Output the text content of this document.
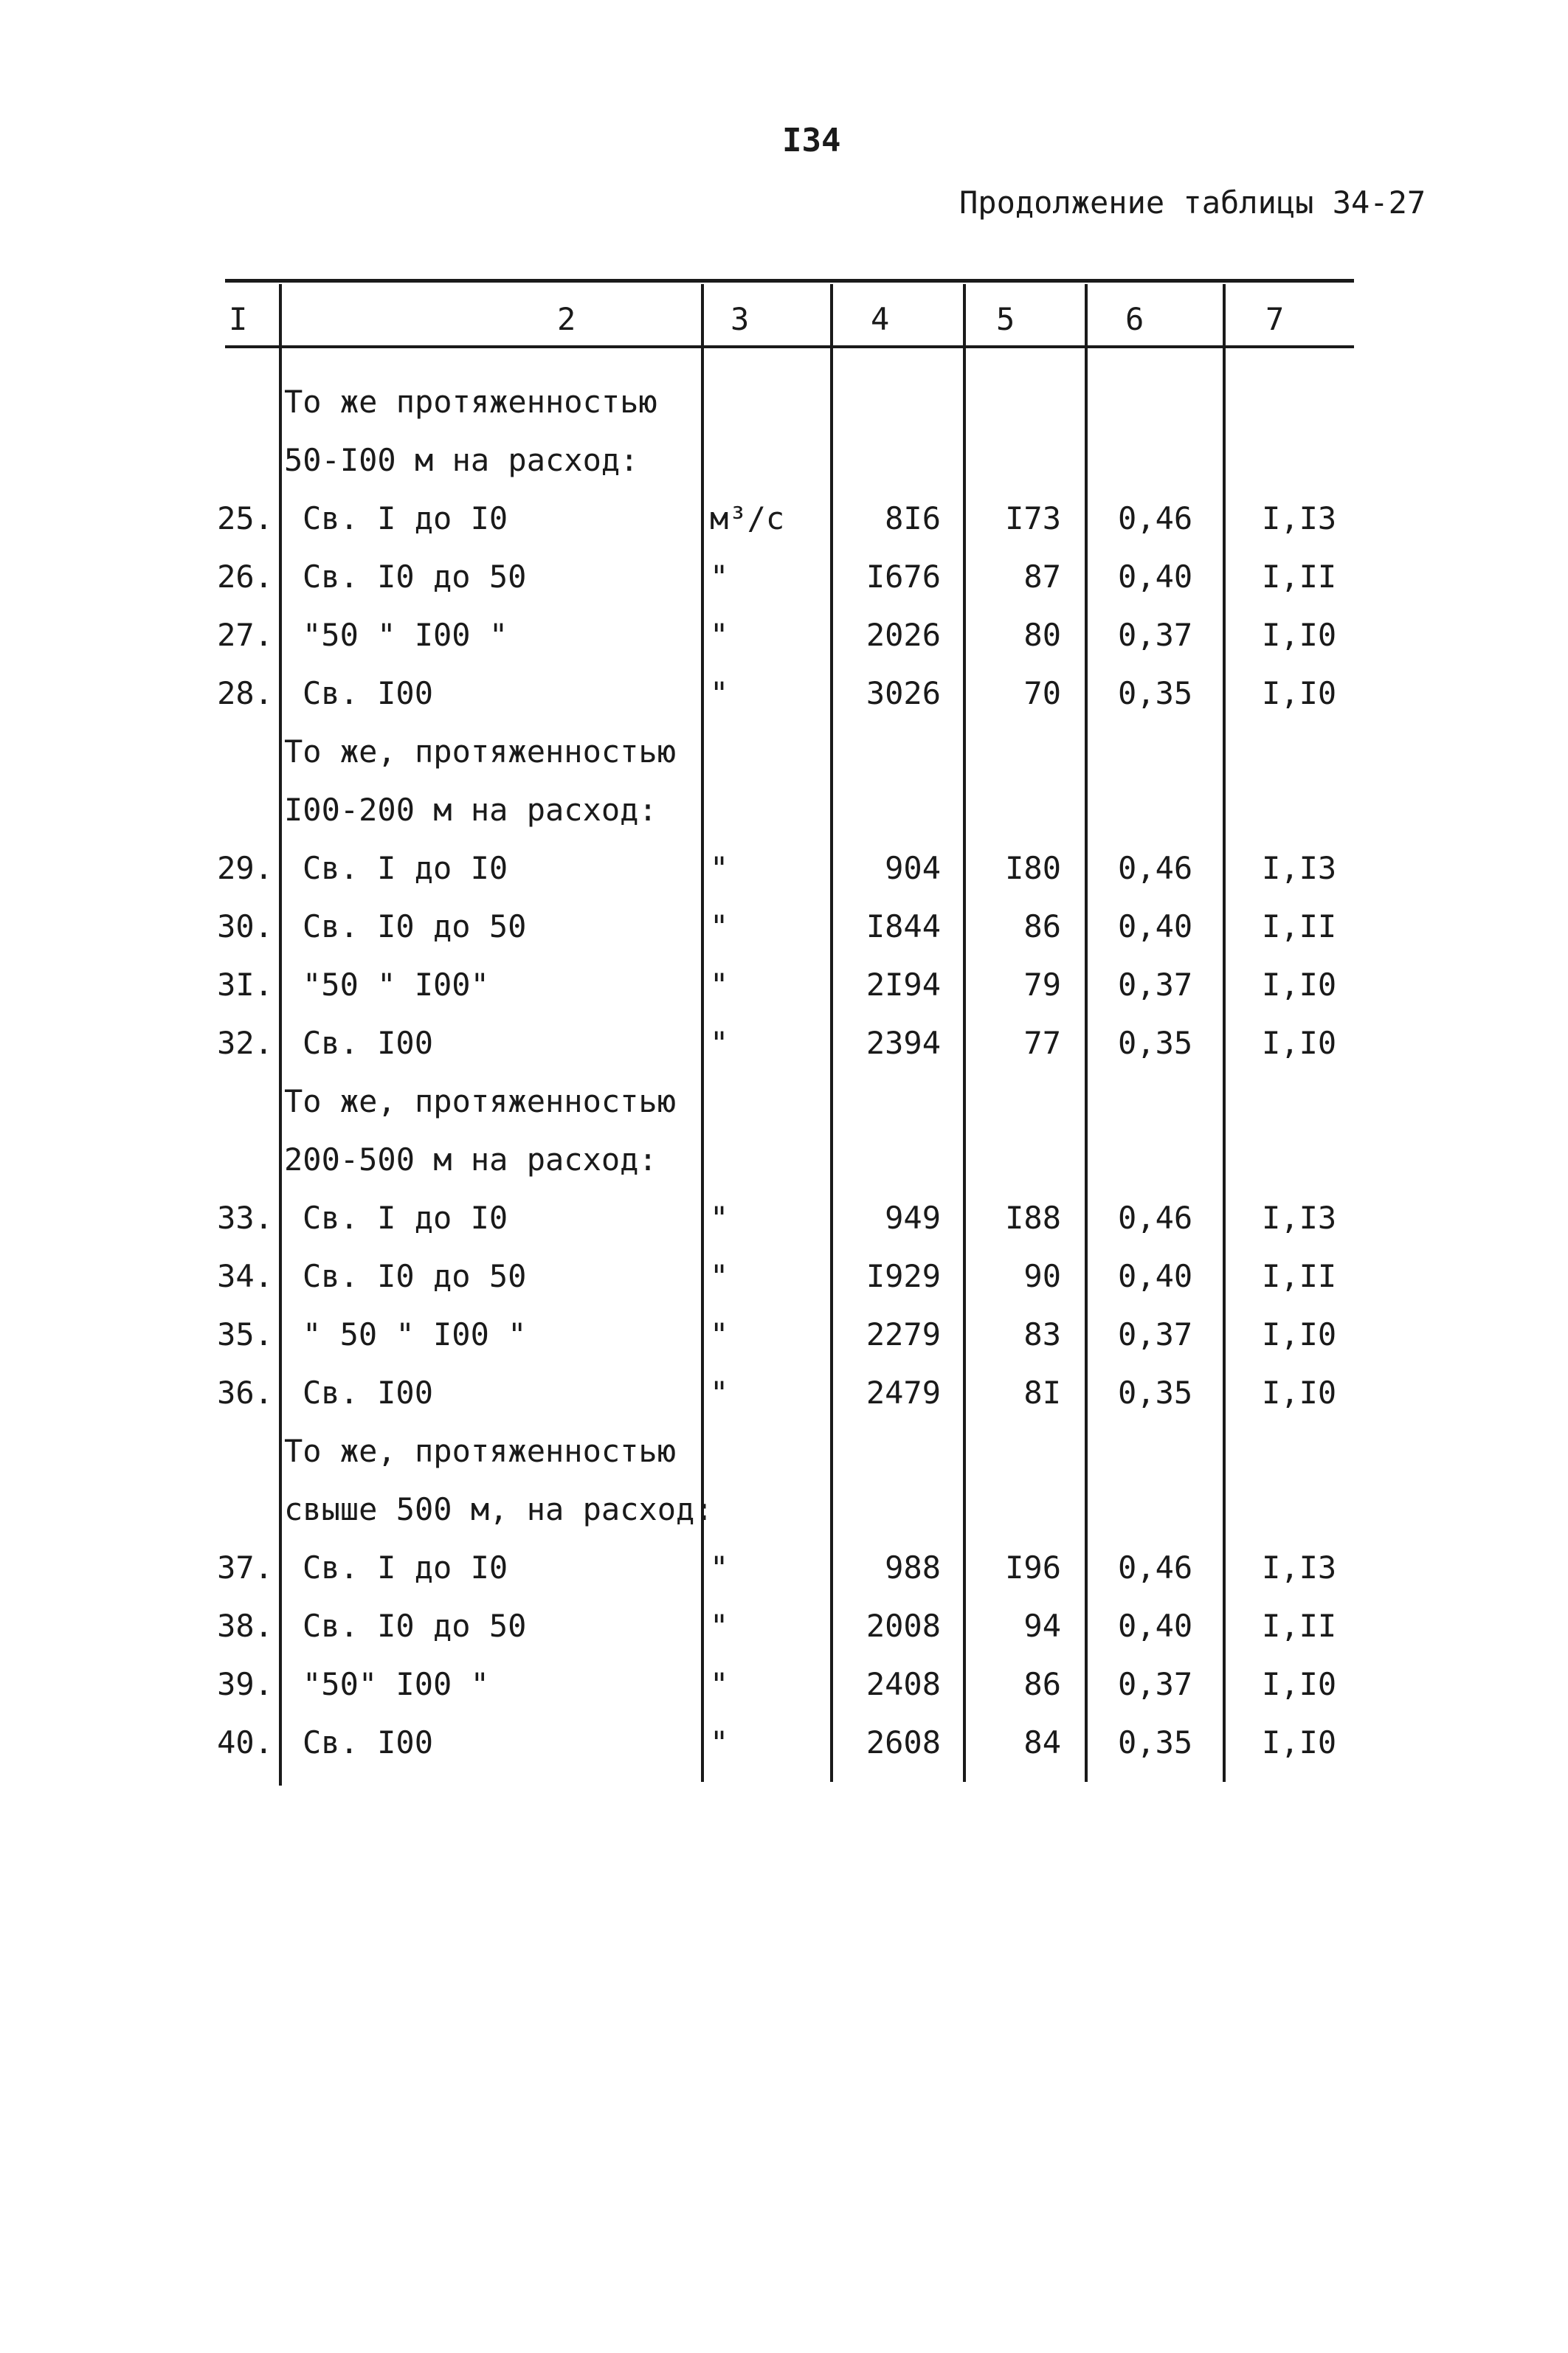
I34
Продолжение таблицы 34-27
I	2	3	4	5	6	7
То же протяженностью
50-I00 м на расход:
25. Св. I до I0	м³/с	8I6	I73 0,46 I,I3
26. Св. I0 до 50	"	I676	87 0,40 I,II
27. "50 " I00 "	"	2026	80 0,37 I,I0
28. Св. I00	"	3026	70 0,35 I,I0
То же, протяженностью
I00-200 м на расход:
29. Св. I до I0	"	904	I80 0,46 I,I3
30. Св. I0 до 50	"	I844	86 0,40 I,II
3I. "50 " I00"	"	2I94	79 0,37 I,I0
32. Св. I00	"	2394	77 0,35 I,I0
То же, протяженностью
200-500 м на расход:
33. Св. I до I0	"	949	I88 0,46 I,I3
34. Св. I0 до 50	"	I929	90 0,40 I,II
35. " 50 " I00 "	"	2279	83 0,37 I,I0
36. Св. I00	"	2479	8I 0,35 I,I0
То же, протяженностью
свыше 500 м, на расход:
37. Св. I до I0	"	988	I96 0,46 I,I3
38. Св. I0 до 50	"	2008	94 0,40 I,II
39. "50" I00 "	"	2408	86 0,37 I,I0
40. Св. I00	"	2608	84 0,35 I,I0
